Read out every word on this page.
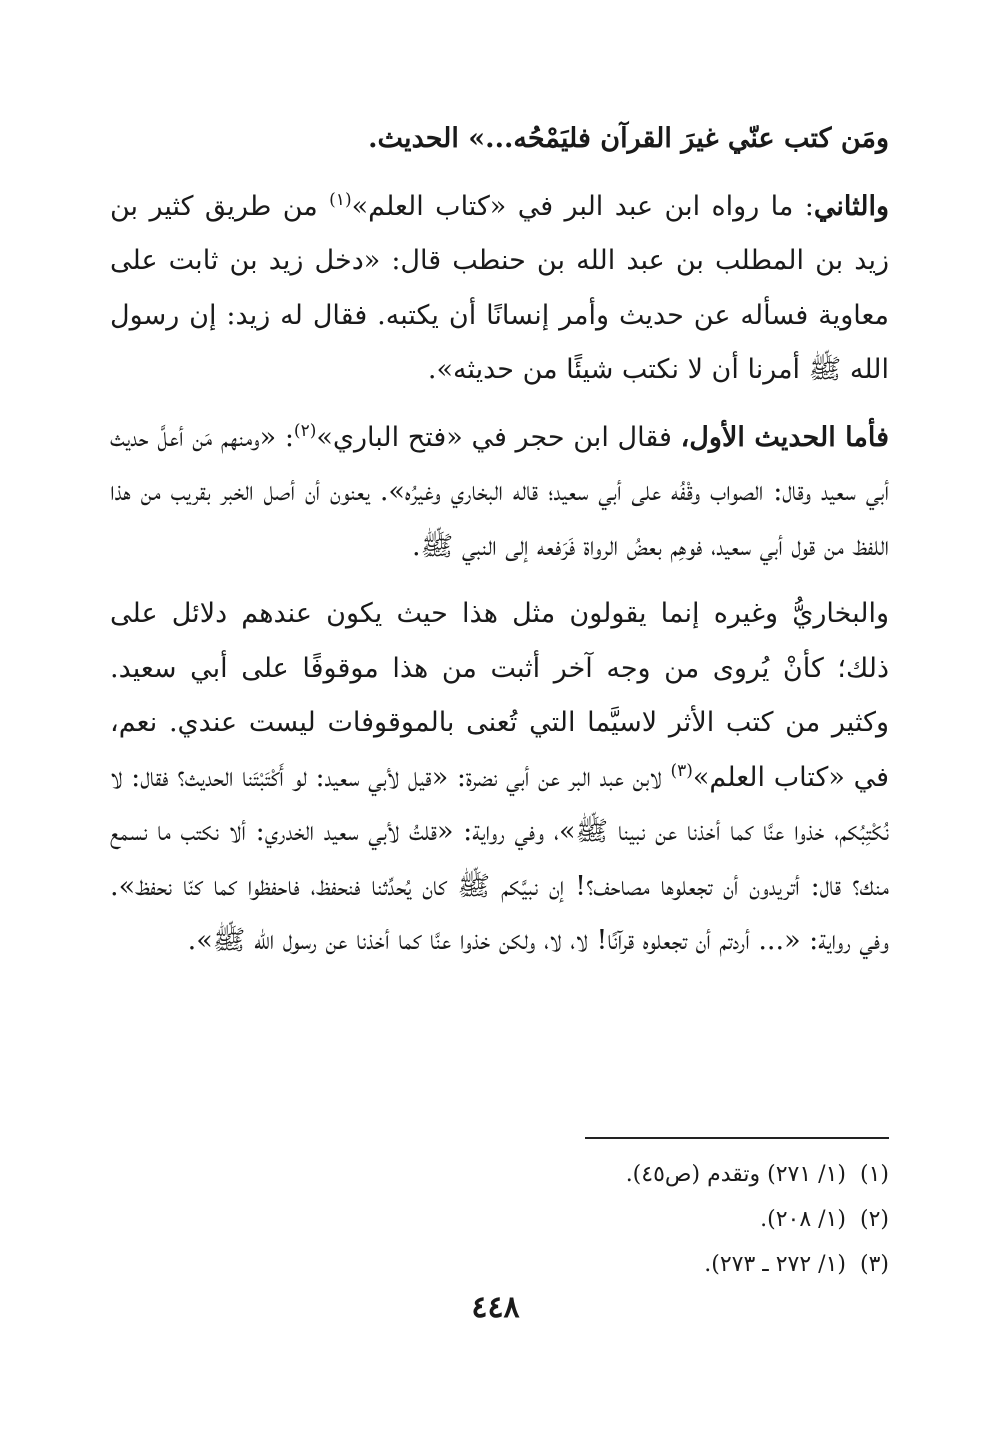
ومَن كتب عنّي غيرَ القرآن فليَمْحُه...» الحديث.

والثاني: ما رواه ابن عبد البر في «كتاب العلم»$^{(١)}$ من طريق كثير بن زيد بن المطلب بن عبد الله بن حنطب قال: «دخل زيد بن ثابت على معاوية فسأله عن حديث وأمر إنسانًا أن يكتبه. فقال له زيد: إن رسول الله ﷺ أمرنا أن لا نكتب شيئًا من حديثه».

فأما الحديث الأول، فقال ابن حجر في «فتح الباري»$^{(٢)}$: «ومنهم مَن أعلَّ حديث أبي سعيد وقال: الصواب وقْفُه على أبي سعيد؛ قاله البخاري وغيرُه». يعنون أن أصل الخبر بقريب من هذا اللفظ من قول أبي سعيد، فوهِم بعضُ الرواة فَرَفعه إلى النبي ﷺ.

والبخاريُّ وغيره إنما يقولون مثل هذا حيث يكون عندهم دلائل على ذلك؛ كأنْ يُروى من وجه آخر أثبت من هذا موقوفًا على أبي سعيد. وكثير من كتب الأثر لاسيَّما التي تُعنى بالموقوفات ليست عندي. نعم، في «كتاب العلم»$^{(٣)}$ لابن عبد البر عن أبي نضرة: «قيل لأبي سعيد: لو أَكْتَبْتَنا الحديث؟ فقال: لا نُكْتِبُكم، خذوا عنَّا كما أخذنا عن نبينا ﷺ»، وفي رواية: «قلتُ لأبي سعيد الخدري: ألا نكتب ما نسمع منك؟ قال: أتريدون أن تجعلوها مصاحف؟! إن نبيَّكم ﷺ كان يُحدِّثنا فنحفظ، فاحفظوا كما كنّا نحفظ». وفي رواية: «... أردتم أن تجعلوه قرآنًا! لا، لا، ولكن خذوا عنَّا كما أخذنا عن رسول الله ﷺ».

(١)(١/ ٢٧١) وتقدم (ص٤٥).
(٢)(١/ ٢٠٨).
(٣)(١/ ٢٧٢ ـ ٢٧٣).
٤٤٨
